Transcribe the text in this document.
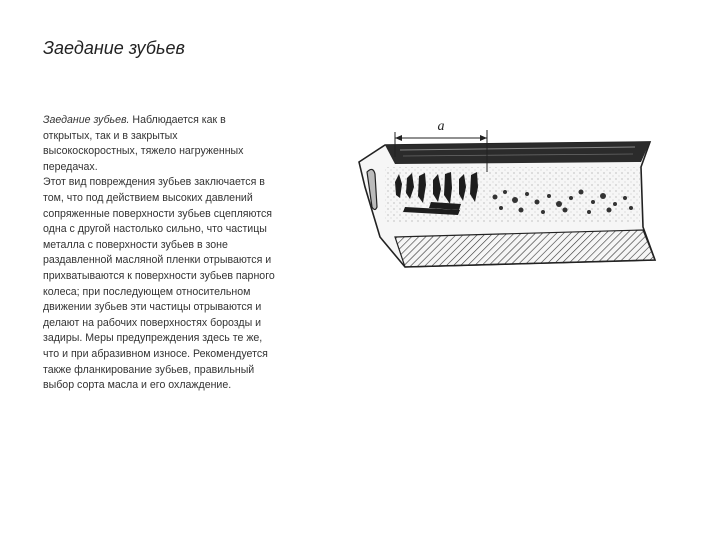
Заедание зубьев

Заедание зубьев. Наблюдается как в открытых, так и в закрытых высокоскоростных, тяжело нагруженных передачах.

Этот вид повреждения зубьев заключается в том, что под действием высоких давлений сопряженные поверхности зубьев сцепляются одна с другой настолько сильно, что частицы металла с поверхности зубьев в зоне раздавленной масляной пленки отрываются и прихватываются к поверхности зубьев парного колеса; при последующем относительном движении зубьев эти частицы отрываются и делают на рабочих поверхностях борозды и задиры. Меры предупреждения здесь те же, что и при абразивном износе. Рекомендуется также фланкирование зубьев, правильный выбор сорта масла и его охлаждение.

a
